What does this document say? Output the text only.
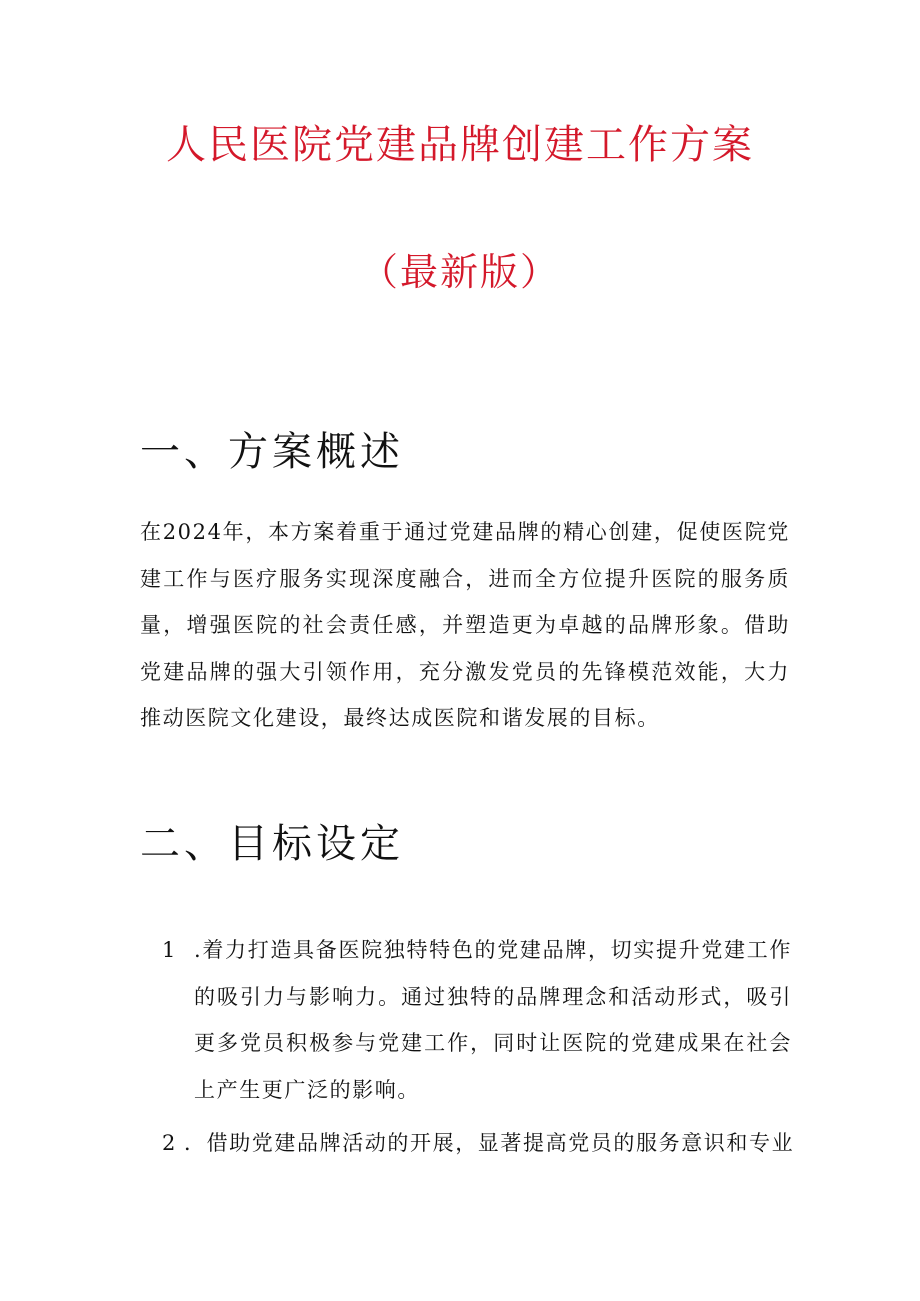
人民医院党建品牌创建工作方案
（最新版）
一、方案概述

在2024年，本方案着重于通过党建品牌的精心创建，促使医院党建工作与医疗服务实现深度融合，进而全方位提升医院的服务质量，增强医院的社会责任感，并塑造更为卓越的品牌形象。借助党建品牌的强大引领作用，充分激发党员的先锋模范效能，大力推动医院文化建设，最终达成医院和谐发展的目标。

二、目标设定
1 .着力打造具备医院独特特色的党建品牌，切实提升党建工作的吸引力与影响力。通过独特的品牌理念和活动形式，吸引更多党员积极参与党建工作，同时让医院的党建成果在社会上产生更广泛的影响。
2 ．借助党建品牌活动的开展，显著提高党员的服务意识和专业
